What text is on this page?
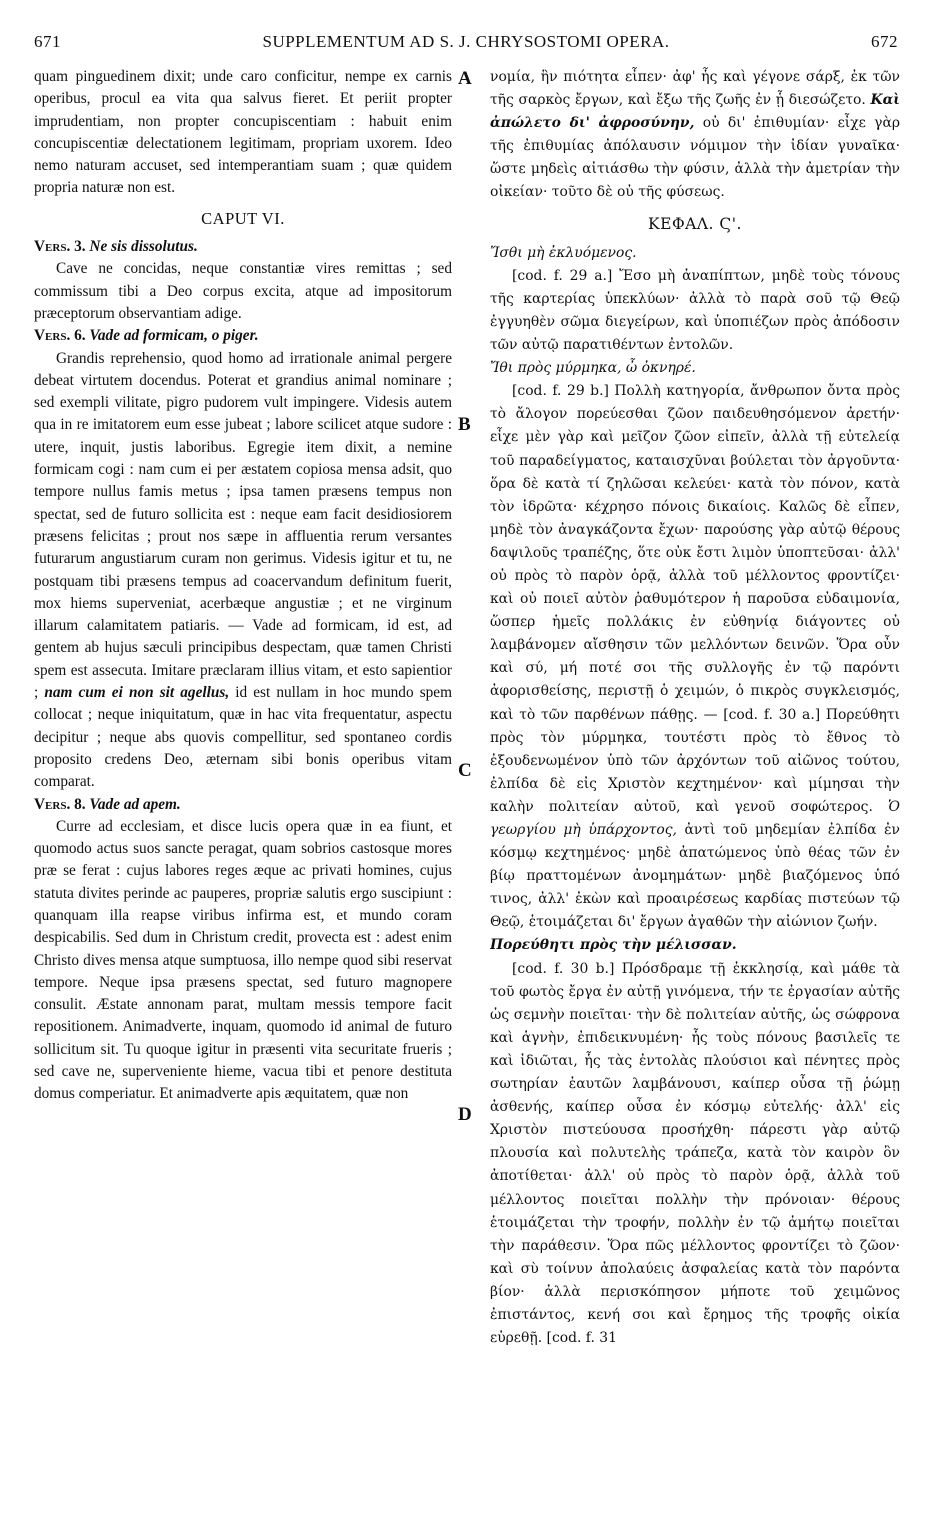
671	SUPPLEMENTUM AD S. J. CHRYSOSTOMI OPERA.	672

quam pinguedinem dixit; unde caro conficitur, nempe ex carnis operibus, procul ea vita qua salvus fieret. Et periit propter imprudentiam, non propter concupiscentiam : habuit enim concupiscentiæ delectationem legitimam, propriam uxorem. Ideo nemo naturam accuset, sed intemperantiam suam ; quæ quidem propria naturæ non est.

CAPUT VI.

Vers. 3. Ne sis dissolutus.

Cave ne concidas, neque constantiæ vires remittas ; sed commissum tibi a Deo corpus excita, atque ad impositorum præceptorum observantiam adige.

Vers. 6. Vade ad formicam, o piger.

Grandis reprehensio, quod homo ad irrationale animal pergere debeat virtutem docendus. Poterat et grandius animal nominare ; sed exempli vilitate, pigro pudorem vult impingere. Videsis autem qua in re imitatorem eum esse jubeat ; labore scilicet atque sudore : utere, inquit, justis laboribus. Egregie item dixit, a nemine formicam cogi : nam cum ei per æstatem copiosa mensa adsit, quo tempore nullus famis metus ; ipsa tamen præsens tempus non spectat, sed de futuro sollicita est : neque eam facit desidiosiorem præsens felicitas ; prout nos sæpe in affluentia rerum versantes futurarum angustiarum curam non gerimus. Videsis igitur et tu, ne postquam tibi præsens tempus ad coacervandum definitum fuerit, mox hiems superveniat, acerbæque angustiæ ; et ne virginum illarum calamitatem patiaris. — Vade ad formicam, id est, ad gentem ab hujus sæculi principibus despectam, quæ tamen Christi spem est assecuta. Imitare præclaram illius vitam, et esto sapientior ; nam cum ei non sit agellus, id est nullam in hoc mundo spem collocat ; neque iniquitatum, quæ in hac vita frequentatur, aspectu decipitur ; neque abs quovis compellitur, sed spontaneo cordis proposito credens Deo, æternam sibi bonis operibus vitam comparat.

Vers. 8. Vade ad apem.

Curre ad ecclesiam, et disce lucis opera quæ in ea fiunt, et quomodo actus suos sancte peragat, quam sobrios castosque mores præ se ferat : cujus labores reges æque ac privati homines, cujus statuta divites perinde ac pauperes, propriæ salutis ergo suscipiunt : quanquam illa reapse viribus infirma est, et mundo coram despicabilis. Sed dum in Christum credit, provecta est : adest enim Christo dives mensa atque sumptuosa, illo nempe quod sibi reservat tempore. Neque ipsa præsens spectat, sed futuro magnopere consulit. Æstate annonam parat, multam messis tempore facit repositionem. Animadverte, inquam, quomodo id animal de futuro sollicitum sit. Tu quoque igitur in præsenti vita securitate frueris ; sed cave ne, superveniente hieme, vacua tibi et penore destituta domus comperiatur. Et animadverte apis æquitatem, quæ non

A
B
C
D

νομία, ἣν πιότητα εἶπεν· ἀφ' ἧς καὶ γέγονε σάρξ, ἐκ τῶν τῆς σαρκὸς ἔργων, καὶ ἔξω τῆς ζωῆς ἐν ᾗ διεσώζετο. Καὶ ἀπώλετο δι' ἀφροσύνην, οὐ δι' ἐπιθυμίαν· εἶχε γὰρ τῆς ἐπιθυμίας ἀπόλαυσιν νόμιμον τὴν ἰδίαν γυναῖκα· ὥστε μηδεὶς αἰτιάσθω τὴν φύσιν, ἀλλὰ τὴν ἀμετρίαν τὴν οἰκείαν· τοῦτο δὲ οὐ τῆς φύσεως.

ΚΕΦΑΛ. Ϛ'.

Ἴσθι μὴ ἐκλυόμενος.

[cod. f. 29 a.] Ἔσο μὴ ἀναπίπτων, μηδὲ τοὺς τόνους τῆς καρτερίας ὑπεκλύων· ἀλλὰ τὸ παρὰ σοῦ τῷ Θεῷ ἐγγυηθὲν σῶμα διεγείρων, καὶ ὑποπιέζων πρὸς ἀπόδοσιν τῶν αὐτῷ παρατιθέντων ἐντολῶν.

Ἴθι πρὸς μύρμηκα, ὦ ὀκνηρέ.

[cod. f. 29 b.] Πολλὴ κατηγορία, ἄνθρωπον ὄντα πρὸς τὸ ἄλογον πορεύεσθαι ζῶον παιδευθησόμενον ἀρετήν· εἶχε μὲν γὰρ καὶ μεῖζον ζῶον εἰπεῖν, ἀλλὰ τῇ εὐτελείᾳ τοῦ παραδείγματος, καταισχῦναι βούλεται τὸν ἀργοῦντα· ὅρα δὲ κατὰ τί ζηλῶσαι κελεύει· κατὰ τὸν πόνον, κατὰ τὸν ἱδρῶτα· κέχρησο πόνοις δικαίοις. Καλῶς δὲ εἶπεν, μηδὲ τὸν ἀναγκάζοντα ἔχων· παρούσης γὰρ αὐτῷ θέρους δαψιλοῦς τραπέζης, ὅτε οὐκ ἔστι λιμὸν ὑποπτεῦσαι· ἀλλ' οὐ πρὸς τὸ παρὸν ὁρᾷ, ἀλλὰ τοῦ μέλλοντος φροντίζει· καὶ οὐ ποιεῖ αὐτὸν ῥαθυμότερον ἡ παροῦσα εὐδαιμονία, ὥσπερ ἡμεῖς πολλάκις ἐν εὐθηνίᾳ διάγοντες οὐ λαμβάνομεν αἴσθησιν τῶν μελλόντων δεινῶν. Ὅρα οὖν καὶ σύ, μή ποτέ σοι τῆς συλλογῆς ἐν τῷ παρόντι ἀφορισθείσης, περιστῇ ὁ χειμών, ὁ πικρὸς συγκλεισμός, καὶ τὸ τῶν παρθένων πάθῃς. — [cod. f. 30 a.] Πορεύθητι πρὸς τὸν μύρμηκα, τουτέστι πρὸς τὸ ἔθνος τὸ ἐξουδενωμένον ὑπὸ τῶν ἀρχόντων τοῦ αἰῶνος τούτου, ἐλπίδα δὲ εἰς Χριστὸν κεχτημένον· καὶ μίμησαι τὴν καλὴν πολιτείαν αὐτοῦ, καὶ γενοῦ σοφώτερος. Ὁ γεωργίου μὴ ὑπάρχοντος, ἀντὶ τοῦ μηδεμίαν ἐλπίδα ἐν κόσμῳ κεχτημένος· μηδὲ ἀπατώμενος ὑπὸ θέας τῶν ἐν βίῳ πραττομένων ἀνομημάτων· μηδὲ βιαζόμενος ὑπό τινος, ἀλλ' ἐκὼν καὶ προαιρέσεως καρδίας πιστεύων τῷ Θεῷ, ἑτοιμάζεται δι' ἔργων ἀγαθῶν τὴν αἰώνιον ζωήν.

Πορεύθητι πρὸς τὴν μέλισσαν.

[cod. f. 30 b.] Πρόσδραμε τῇ ἐκκλησίᾳ, καὶ μάθε τὰ τοῦ φωτὸς ἔργα ἐν αὐτῇ γινόμενα, τήν τε ἐργασίαν αὐτῆς ὡς σεμνὴν ποιεῖται· τὴν δὲ πολιτείαν αὐτῆς, ὡς σώφρονα καὶ ἁγνὴν, ἐπιδεικνυμένη· ἧς τοὺς πόνους βασιλεῖς τε καὶ ἰδιῶται, ἧς τὰς ἐντολὰς πλούσιοι καὶ πένητες πρὸς σωτηρίαν ἑαυτῶν λαμβάνουσι, καίπερ οὖσα τῇ ῥώμῃ ἀσθενής, καίπερ οὖσα ἐν κόσμῳ εὐτελής· ἀλλ' εἰς Χριστὸν πιστεύουσα προσήχθη· πάρεστι γὰρ αὐτῷ πλουσία καὶ πολυτελὴς τράπεζα, κατὰ τὸν καιρὸν ὃν ἀποτίθεται· ἀλλ' οὐ πρὸς τὸ παρὸν ὁρᾷ, ἀλλὰ τοῦ μέλλοντος ποιεῖται πολλὴν τὴν πρόνοιαν· θέρους ἑτοιμάζεται τὴν τροφήν, πολλὴν ἐν τῷ ἀμήτῳ ποιεῖται τὴν παράθεσιν. Ὅρα πῶς μέλλοντος φροντίζει τὸ ζῶον· καὶ σὺ τοίνυν ἀπολαύεις ἀσφαλείας κατὰ τὸν παρόντα βίον· ἀλλὰ περισκόπησον μήποτε τοῦ χειμῶνος ἐπιστάντος, κενή σοι καὶ ἔρημος τῆς τροφῆς οἰκία εὑρεθῇ. [cod. f. 31
